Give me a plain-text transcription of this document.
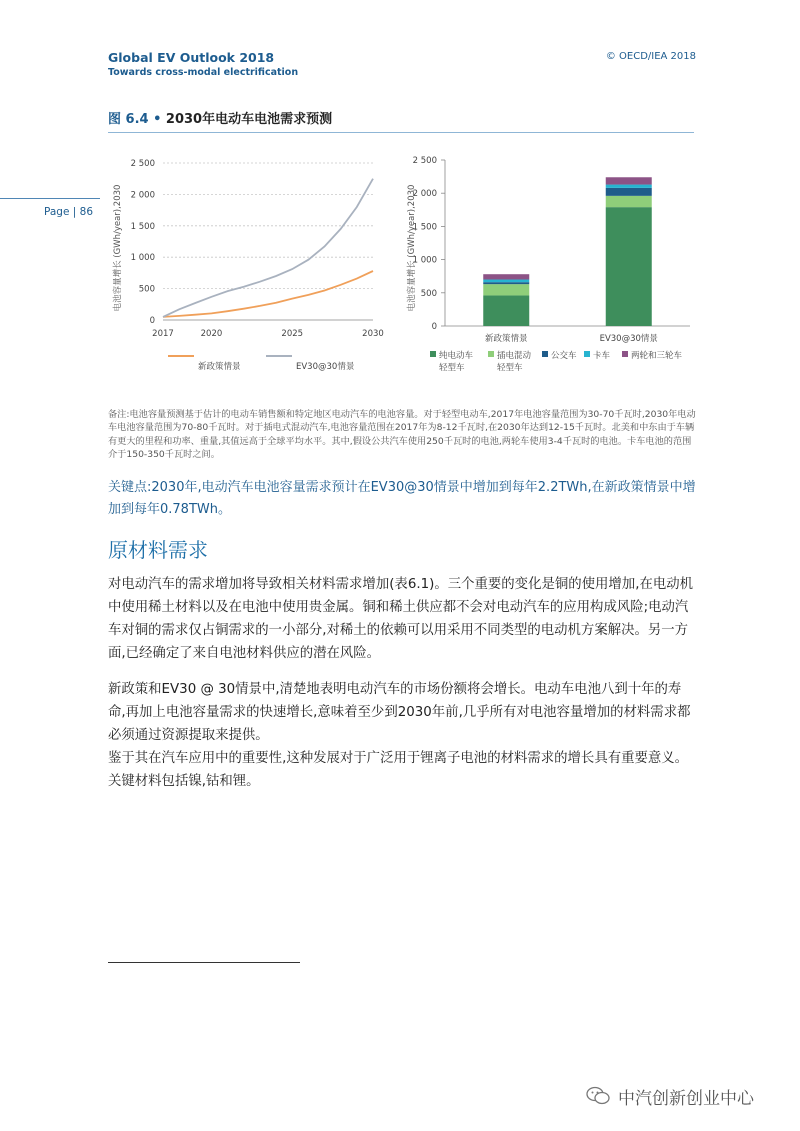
Global EV Outlook 2018
Towards cross-modal electrification
© OECD/IEA 2018
Page | 86
图 6.4 • 2030年电动车电池需求预测
0
500
1 000
1 500
2 000
2 500
2017	2020	2025	2030
电池容量增长 (GWh/year),2030
新政策情景	EV30@30情景
0
500
1 000
1 500
2 000
2 500
电池容量增长 (GWh/year),2030
新政策情景	EV30@30情景
纯电动车轻型车
插电混动轻型车
公交车 卡车 两轮和三轮车
备注:电池容量预测基于估计的电动车销售额和特定地区电动汽车的电池容量。对于轻型电动车,2017年电池容量范围为30-70千瓦时,2030年电动车电池容量范围为70-80千瓦时。对于插电式混动汽车,电池容量范围在2017年为8-12千瓦时,在2030年达到12-15千瓦时。北美和中东由于车辆有更大的里程和功率、重量,其值远高于全球平均水平。其中,假设公共汽车使用250千瓦时的电池,两轮车使用3-4千瓦时的电池。卡车电池的范围介于150-350千瓦时之间。
关键点:2030年,电动汽车电池容量需求预计在EV30@30情景中增加到每年2.2TWh,在新政策情景中增加到每年0.78TWh。
原材料需求
对电动汽车的需求增加将导致相关材料需求增加(表6.1)。三个重要的变化是铜的使用增加,在电动机中使用稀土材料以及在电池中使用贵金属。铜和稀土供应都不会对电动汽车的应用构成风险;电动汽车对铜的需求仅占铜需求的一小部分,对稀土的依赖可以用采用不同类型的电动机方案解决。另一方面,已经确定了来自电池材料供应的潜在风险。
新政策和EV30 @ 30情景中,清楚地表明电动汽车的市场份额将会增长。电动车电池八到十年的寿命,再加上电池容量需求的快速增长,意味着至少到2030年前,几乎所有对电池容量增加的材料需求都必须通过资源提取来提供。
鉴于其在汽车应用中的重要性,这种发展对于广泛用于锂离子电池的材料需求的增长具有重要意义。关键材料包括镍,钴和锂。
中汽创新创业中心
